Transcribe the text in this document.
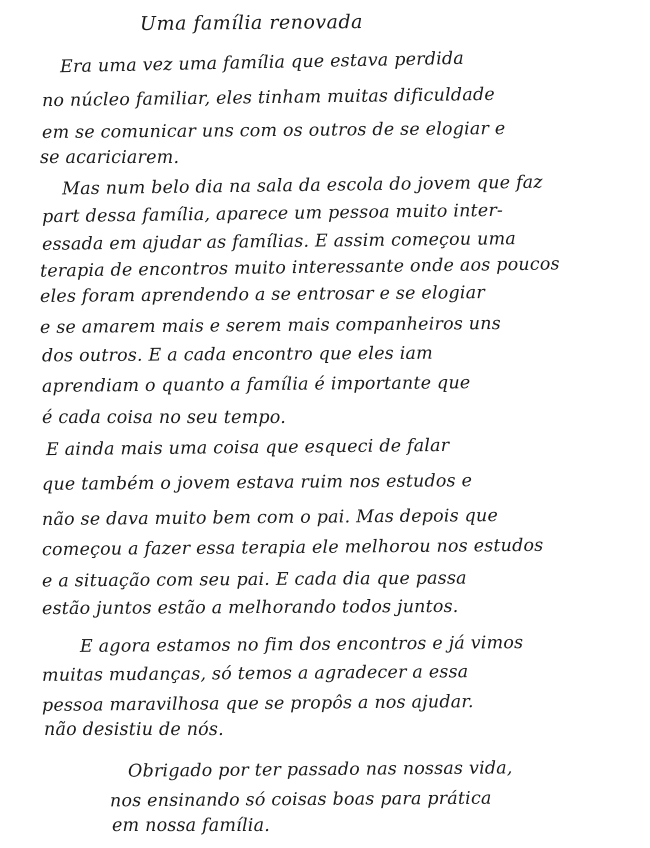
Uma família renovada
Era uma vez uma família que estava perdida
no núcleo familiar, eles tinham muitas dificuldade
em se comunicar uns com os outros de se elogiar e
se acariciarem.
Mas num belo dia na sala da escola do jovem que faz
part dessa família, aparece um pessoa muito inter-
essada em ajudar as famílias. E assim começou uma
terapia de encontros muito interessante onde aos poucos
eles foram aprendendo a se entrosar e se elogiar
e se amarem mais e serem mais companheiros uns
dos outros. E a cada encontro que eles iam
aprendiam o quanto a família é importante que
é cada coisa no seu tempo.
E ainda mais uma coisa que esqueci de falar
que também o jovem estava ruim nos estudos e
não se dava muito bem com o pai. Mas depois que
começou a fazer essa terapia ele melhorou nos estudos
e a situação com seu pai. E cada dia que passa
estão juntos estão a melhorando todos juntos.
E agora estamos no fim dos encontros e já vimos
muitas mudanças, só temos a agradecer a essa
pessoa maravilhosa que se propôs a nos ajudar.
não desistiu de nós.
Obrigado por ter passado nas nossas vida,
nos ensinando só coisas boas para prática
em nossa família.
